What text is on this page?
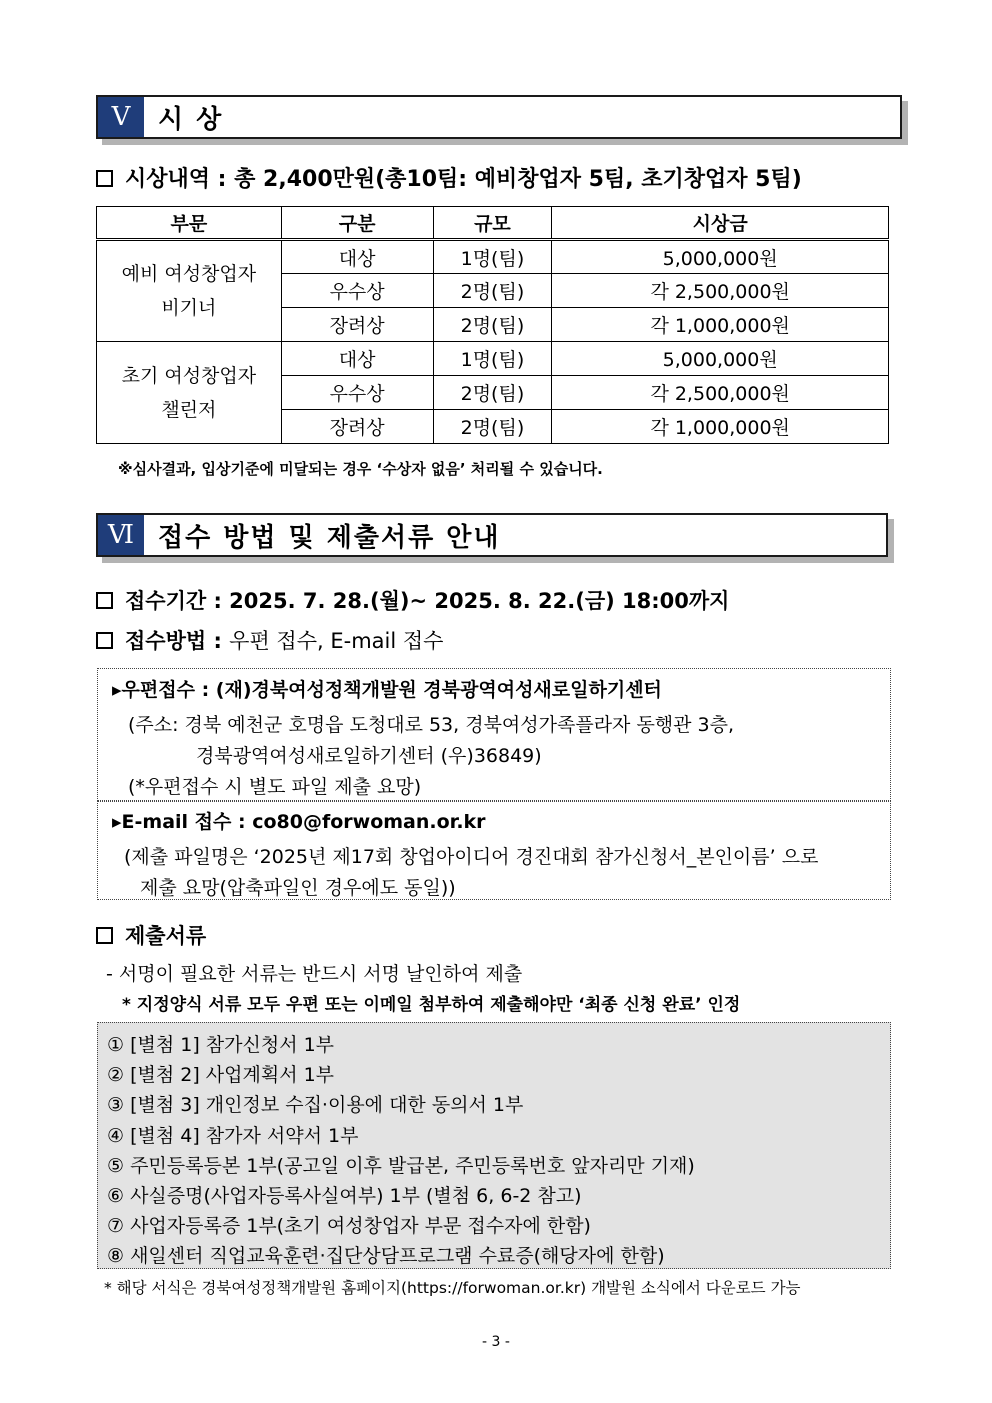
Ⅴ	시 상
시상내역 : 총 2,400만원(총10팀: 예비창업자 5팀, 초기창업자 5팀)
부문	구분	규모	시상금

예비 여성창업자
비기너	대상	1명(팀)	5,000,000원
	우수상	2명(팀)	각 2,500,000원
	장려상	2명(팀)	각 1,000,000원

초기 여성창업자
챌린저	대상	1명(팀)	5,000,000원
	우수상	2명(팀)	각 2,500,000원
	장려상	2명(팀)	각 1,000,000원
※심사결과, 입상기준에 미달되는 경우 ‘수상자 없음’ 처리될 수 있습니다.
Ⅵ 접수 방법 및 제출서류 안내
접수기간 : 2025. 7. 28.(월)~ 2025. 8. 22.(금) 18:00까지
접수방법 : 우편 접수, E-mail 접수
▸우편접수 : (재)경북여성정책개발원 경북광역여성새로일하기센터
(주소: 경북 예천군 호명읍 도청대로 53, 경북여성가족플라자 동행관 3층,
경북광역여성새로일하기센터 (우)36849)
(*우편접수 시 별도 파일 제출 요망)
▸E-mail 접수 : co80@forwoman.or.kr
(제출 파일명은 ‘2025년 제17회 창업아이디어 경진대회 참가신청서_본인이름’ 으로
제출 요망(압축파일인 경우에도 동일))
제출서류
- 서명이 필요한 서류는 반드시 서명 날인하여 제출
* 지정양식 서류 모두 우편 또는 이메일 첨부하여 제출해야만 ‘최종 신청 완료’ 인정
① [별첨 1] 참가신청서 1부
② [별첨 2] 사업계획서 1부
③ [별첨 3] 개인정보 수집·이용에 대한 동의서 1부
④ [별첨 4] 참가자 서약서 1부
⑤ 주민등록등본 1부(공고일 이후 발급본, 주민등록번호 앞자리만 기재)
⑥ 사실증명(사업자등록사실여부) 1부 (별첨 6, 6-2 참고)
⑦ 사업자등록증 1부(초기 여성창업자 부문 접수자에 한함)
⑧ 새일센터 직업교육훈련·집단상담프로그램 수료증(해당자에 한함)
* 해당 서식은 경북여성정책개발원 홈페이지(https://forwoman.or.kr) 개발원 소식에서 다운로드 가능
- 3 -
